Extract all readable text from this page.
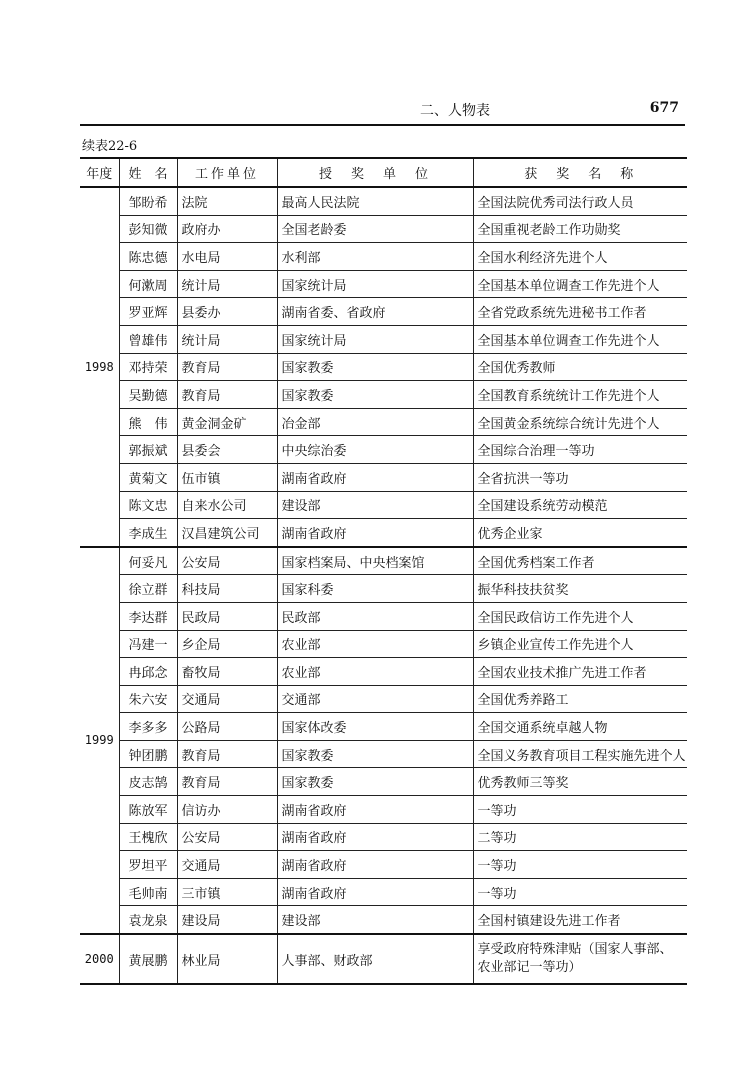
二、人物表	677
续表22-6
年度	姓　名	工作单位	授　奖　单　位	获　奖　名　称
1998	邹盼希	法院	最高人民法院	全国法院优秀司法行政人员
	彭知微	政府办	全国老龄委	全国重视老龄工作功勋奖
	陈忠德	水电局	水利部	全国水利经济先进个人
	何漱周	统计局	国家统计局	全国基本单位调查工作先进个人
	罗亚辉	县委办	湖南省委、省政府	全省党政系统先进秘书工作者
	曾雄伟	统计局	国家统计局	全国基本单位调查工作先进个人
	邓持荣	教育局	国家教委	全国优秀教师
	吴勤德	教育局	国家教委	全国教育系统统计工作先进个人
	熊　伟	黄金洞金矿	冶金部	全国黄金系统综合统计先进个人
	郭振斌	县委会	中央综治委	全国综合治理一等功
	黄菊文	伍市镇	湖南省政府	全省抗洪一等功
	陈文忠	自来水公司	建设部	全国建设系统劳动模范
	李成生	汉昌建筑公司	湖南省政府	优秀企业家
1999	何妥凡	公安局	国家档案局、中央档案馆	全国优秀档案工作者
	徐立群	科技局	国家科委	振华科技扶贫奖
	李达群	民政局	民政部	全国民政信访工作先进个人
	冯建一	乡企局	农业部	乡镇企业宣传工作先进个人
	冉邱念	畜牧局	农业部	全国农业技术推广先进工作者
	朱六安	交通局	交通部	全国优秀养路工
	李多多	公路局	国家体改委	全国交通系统卓越人物
	钟团鹏	教育局	国家教委	全国义务教育项目工程实施先进个人
	皮志鹄	教育局	国家教委	优秀教师三等奖
	陈放军	信访办	湖南省政府	一等功
	王槐欣	公安局	湖南省政府	二等功
	罗坦平	交通局	湖南省政府	一等功
	毛帅南	三市镇	湖南省政府	一等功
	袁龙泉	建设局	建设部	全国村镇建设先进工作者
2000	黄展鹏	林业局	人事部、财政部	享受政府特殊津贴（国家人事部、农业部记一等功）
